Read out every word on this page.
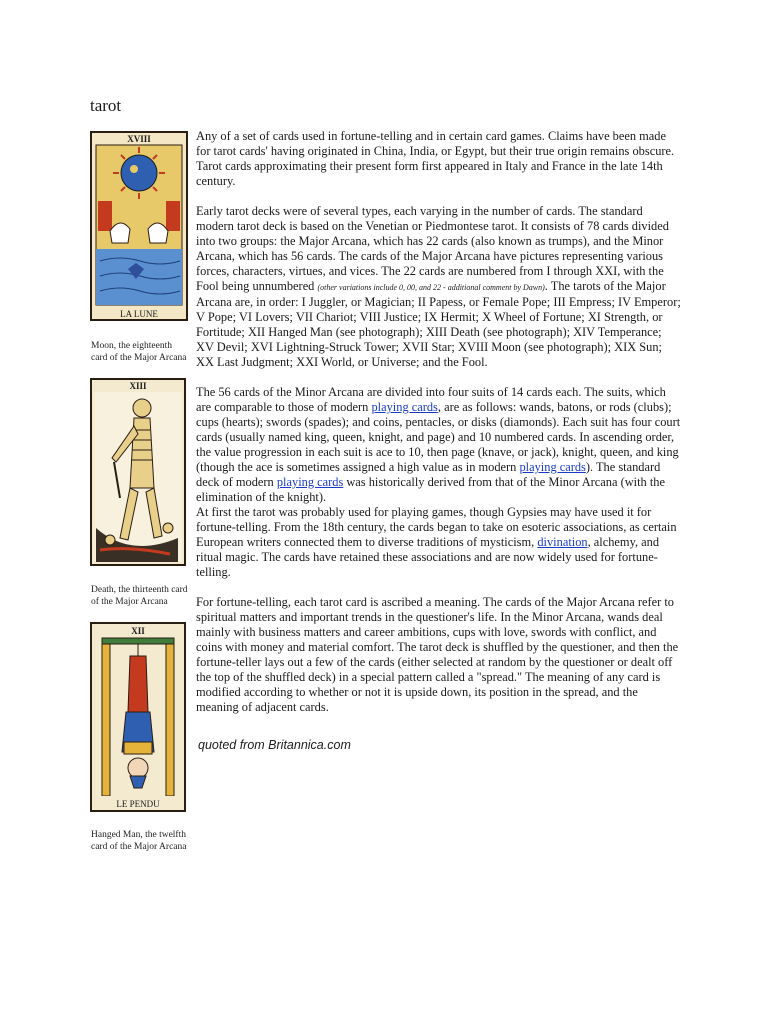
tarot
XVIII
LA LUNE

Moon, the eighteenth card of the Major Arcana

XIII

Death, the thirteenth card of the Major Arcana

XII
LE PENDU

Hanged Man, the twelfth card of the Major Arcana

Any of a set of cards used in fortune-telling and in certain card games. Claims have been made for tarot cards' having originated in China, India, or Egypt, but their true origin remains obscure. Tarot cards approximating their present form first appeared in Italy and France in the late 14th century.

Early tarot decks were of several types, each varying in the number of cards. The standard modern tarot deck is based on the Venetian or Piedmontese tarot. It consists of 78 cards divided into two groups: the Major Arcana, which has 22 cards (also known as trumps), and the Minor Arcana, which has 56 cards. The cards of the Major Arcana have pictures representing various forces, characters, virtues, and vices. The 22 cards are numbered from I through XXI, with the Fool being unnumbered (other variations include 0, 00, and 22 - additional comment by Dawn). The tarots of the Major Arcana are, in order: I Juggler, or Magician; II Papess, or Female Pope; III Empress; IV Emperor; V Pope; VI Lovers; VII Chariot; VIII Justice; IX Hermit; X Wheel of Fortune; XI Strength, or Fortitude; XII Hanged Man (see photograph); XIII Death (see photograph); XIV Temperance; XV Devil; XVI Lightning-Struck Tower; XVII Star; XVIII Moon (see photograph); XIX Sun; XX Last Judgment; XXI World, or Universe; and the Fool.

The 56 cards of the Minor Arcana are divided into four suits of 14 cards each. The suits, which are comparable to those of modern playing cards, are as follows: wands, batons, or rods (clubs); cups (hearts); swords (spades); and coins, pentacles, or disks (diamonds). Each suit has four court cards (usually named king, queen, knight, and page) and 10 numbered cards. In ascending order, the value progression in each suit is ace to 10, then page (knave, or jack), knight, queen, and king (though the ace is sometimes assigned a high value as in modern playing cards). The standard deck of modern playing cards was historically derived from that of the Minor Arcana (with the elimination of the knight).

At first the tarot was probably used for playing games, though Gypsies may have used it for fortune-telling. From the 18th century, the cards began to take on esoteric associations, as certain European writers connected them to diverse traditions of mysticism, divination, alchemy, and ritual magic. The cards have retained these associations and are now widely used for fortune-telling.

For fortune-telling, each tarot card is ascribed a meaning. The cards of the Major Arcana refer to spiritual matters and important trends in the questioner's life. In the Minor Arcana, wands deal mainly with business matters and career ambitions, cups with love, swords with conflict, and coins with money and material comfort. The tarot deck is shuffled by the questioner, and then the fortune-teller lays out a few of the cards (either selected at random by the questioner or dealt off the top of the shuffled deck) in a special pattern called a "spread." The meaning of any card is modified according to whether or not it is upside down, its position in the spread, and the meaning of adjacent cards.

quoted from Britannica.com
